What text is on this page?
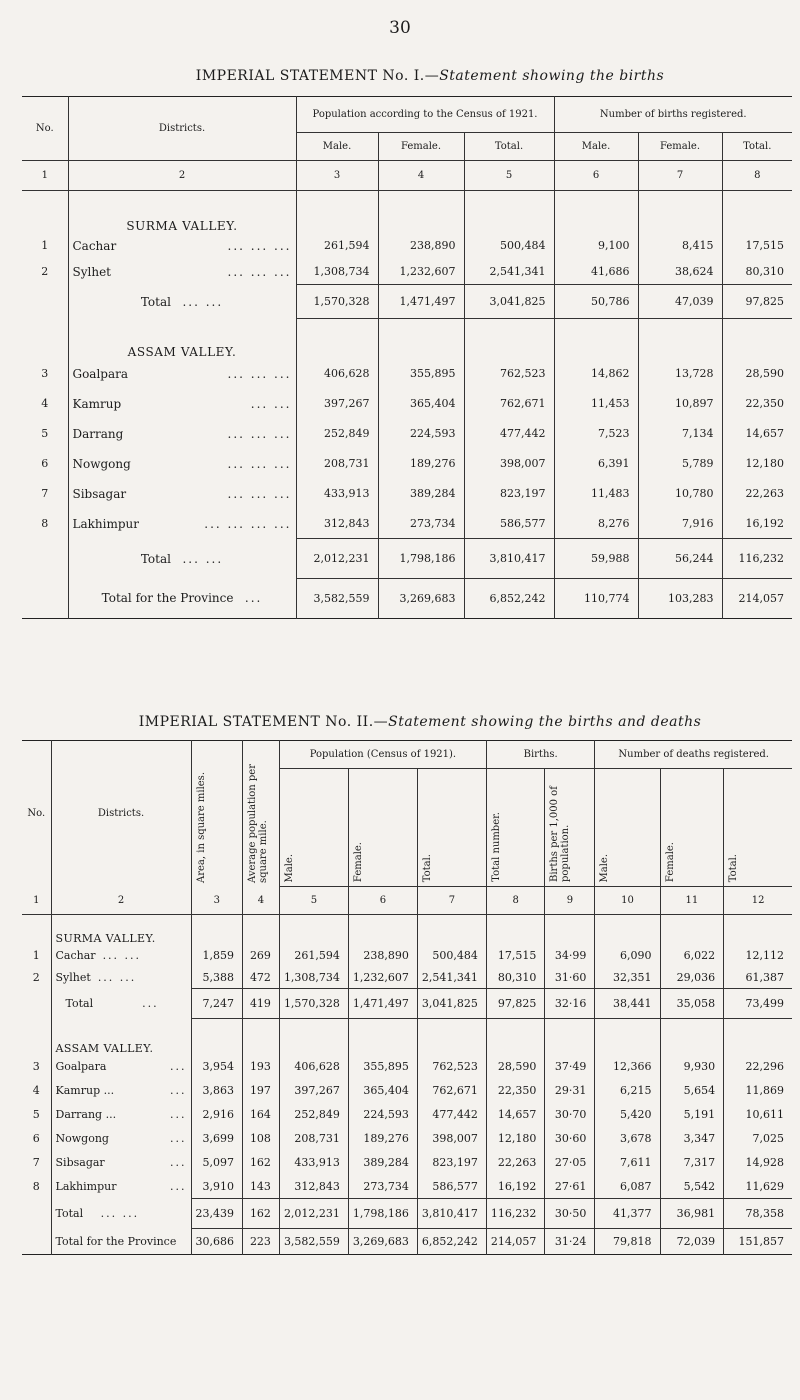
30
IMPERIAL STATEMENT No. I.—Statement showing the births
No.	Districts.	Population according to the Census of 1921.			Number of births registered.		
		Male.	Female.	Total.	Male.	Female.	Total.
1	2	3	4	5	6	7	8
	SURMA VALLEY.						
1	Cachar ... ... ...	261,594	238,890	500,484	9,100	8,415	17,515
2	Sylhet ... ... ...	1,308,734	1,232,607	2,541,341	41,686	38,624	80,310
	Total ... ...	1,570,328	1,471,497	3,041,825	50,786	47,039	97,825
	ASSAM VALLEY.						
3	Goalpara ... ... ...	406,628	355,895	762,523	14,862	13,728	28,590
4	Kamrup ... ...	397,267	365,404	762,671	11,453	10,897	22,350
5	Darrang ... ... ...	252,849	224,593	477,442	7,523	7,134	14,657
6	Nowgong ... ... ...	208,731	189,276	398,007	6,391	5,789	12,180
7	Sibsagar ... ... ...	433,913	389,284	823,197	11,483	10,780	22,263
8	Lakhimpur ... ... ... ...	312,843	273,734	586,577	8,276	7,916	16,192
	Total ... ...	2,012,231	1,798,186	3,810,417	59,988	56,244	116,232
	Total for the Province ...	3,582,559	3,269,683	6,852,242	110,774	103,283	214,057
IMPERIAL STATEMENT No. II.—Statement showing the births and deaths
No.	Districts.	Area, in square miles.	Average population per square mile.	Population (Census of 1921).			Births.		Number of deaths registered.		

				Male.	Female.	Total.	Total number.	Births per 1,000 of population.	Male.	Female.	Total.

1	2	3	4	5	6	7	8	9	10	11	12
	SURMA VALLEY.										
1	Cachar ... ...	1,859	269	261,594	238,890	500,484	17,515	34·99	6,090	6,022	12,112
2	Sylhet ... ...	5,388	472	1,308,734	1,232,607	2,541,341	80,310	31·60	32,351	29,036	61,387
	Total ...	7,247	419	1,570,328	1,471,497	3,041,825	97,825	32·16	38,441	35,058	73,499
	ASSAM VALLEY.										
3	Goalpara ...	3,954	193	406,628	355,895	762,523	28,590	37·49	12,366	9,930	22,296
4	Kamrup ... ...	3,863	197	397,267	365,404	762,671	22,350	29·31	6,215	5,654	11,869
5	Darrang ... ...	2,916	164	252,849	224,593	477,442	14,657	30·70	5,420	5,191	10,611
6	Nowgong ...	3,699	108	208,731	189,276	398,007	12,180	30·60	3,678	3,347	7,025
7	Sibsagar ...	5,097	162	433,913	389,284	823,197	22,263	27·05	7,611	7,317	14,928
8	Lakhimpur ...	3,910	143	312,843	273,734	586,577	16,192	27·61	6,087	5,542	11,629
	Total ... ...	23,439	162	2,012,231	1,798,186	3,810,417	116,232	30·50	41,377	36,981	78,358
	Total for the Province	30,686	223	3,582,559	3,269,683	6,852,242	214,057	31·24	79,818	72,039	151,857
